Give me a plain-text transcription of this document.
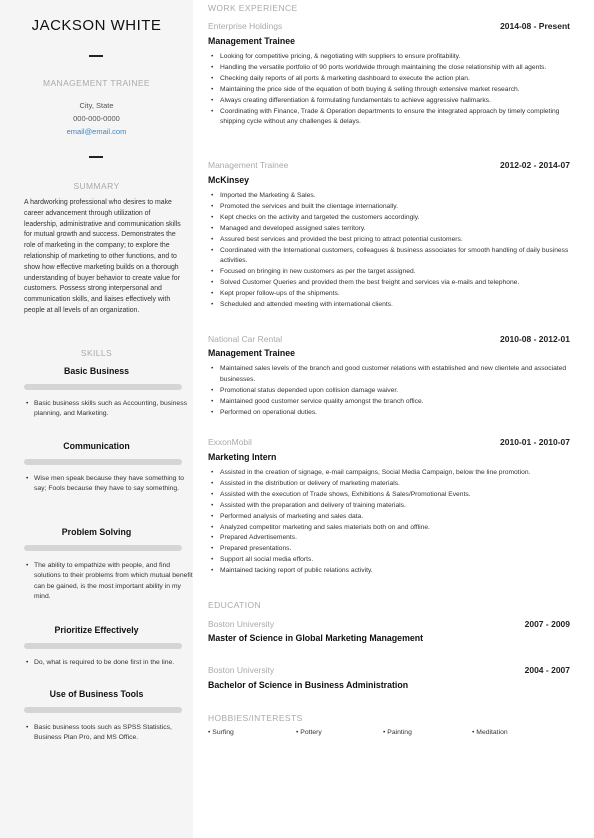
JACKSON WHITE
MANAGEMENT TRAINEE
City, State
000-000-0000
email@email.com
SUMMARY
A hardworking professional who desires to make career advancement through utilization of leadership, administrative and communication skills for mutual growth and success. Demonstrates the role of marketing in the company; to explore the relationship of marketing to other functions, and to show how effective marketing builds on a thorough understanding of buyer behavior to create value for customers. Possess strong interpersonal and communication skills, and liaises effectively with people at all levels of an organization.
SKILLS
Basic Business
• Basic business skills such as Accounting, business planning, and Marketing.
Communication
• Wise men speak because they have something to say; Fools because they have to say something.
Problem Solving
• The ability to empathize with people, and find solutions to their problems from which mutual benefit can be gained, is the most important ability in my mind.
Prioritize Effectively
• Do, what is required to be done first in the line.
Use of Business Tools
• Basic business tools such as SPSS Statistics, Business Plan Pro, and MS Office.
WORK EXPERIENCE
Enterprise Holdings	2014-08 - Present
Management Trainee
• Looking for competitive pricing, & negotiating with suppliers to ensure profitability.
• Handling the versatile portfolio of 90 ports worldwide through maintaining the close relationship with all agents.
• Checking daily reports of all ports & marketing dashboard to execute the action plan.
• Maintaining the price side of the equation of both buying & selling through extensive market research.
• Always creating differentiation & formulating fundamentals to achieve aggressive hallmarks.
• Coordinating with Finance, Trade & Operation departments to ensure the integrated approach by timely completing shipping cycle without any challenges & delays.
Management Trainee	2012-02 - 2014-07
McKinsey
• Imported the Marketing & Sales.
• Promoted the services and built the clientage internationally.
• Kept checks on the activity and targeted the customers accordingly.
• Managed and developed assigned sales territory.
• Assured best services and provided the best pricing to attract potential customers.
• Coordinated with the International customers, colleagues & business associates for smooth handling of daily business activities.
• Focused on bringing in new customers as per the target assigned.
• Solved Customer Queries and provided them the best freight and services via e-mails and telephone.
• Kept proper follow-ups of the shipments.
• Scheduled and attended meeting with international clients.
National Car Rental	2010-08 - 2012-01
Management Trainee
• Maintained sales levels of the branch and good customer relations with established and new clientele and associated businesses.
• Promotional status depended upon collision damage waiver.
• Maintained good customer service quality amongst the branch office.
• Performed on operational duties.
ExxonMobil	2010-01 - 2010-07
Marketing Intern
• Assisted in the creation of signage, e-mail campaigns, Social Media Campaign, below the line promotion.
• Assisted in the distribution or delivery of marketing materials.
• Assisted with the execution of Trade shows, Exhibitions & Sales/Promotional Events.
• Assisted with the preparation and delivery of training materials.
• Performed analysis of marketing and sales data.
• Analyzed competitor marketing and sales materials both on and offline.
• Prepared Advertisements.
• Prepared presentations.
• Support all social media efforts.
• Maintained tacking report of public relations activity.
EDUCATION
Boston University	2007 - 2009
Master of Science in Global Marketing Management
Boston University	2004 - 2007
Bachelor of Science in Business Administration
HOBBIES/INTERESTS
• Surfing	• Pottery	• Painting	• Meditation
